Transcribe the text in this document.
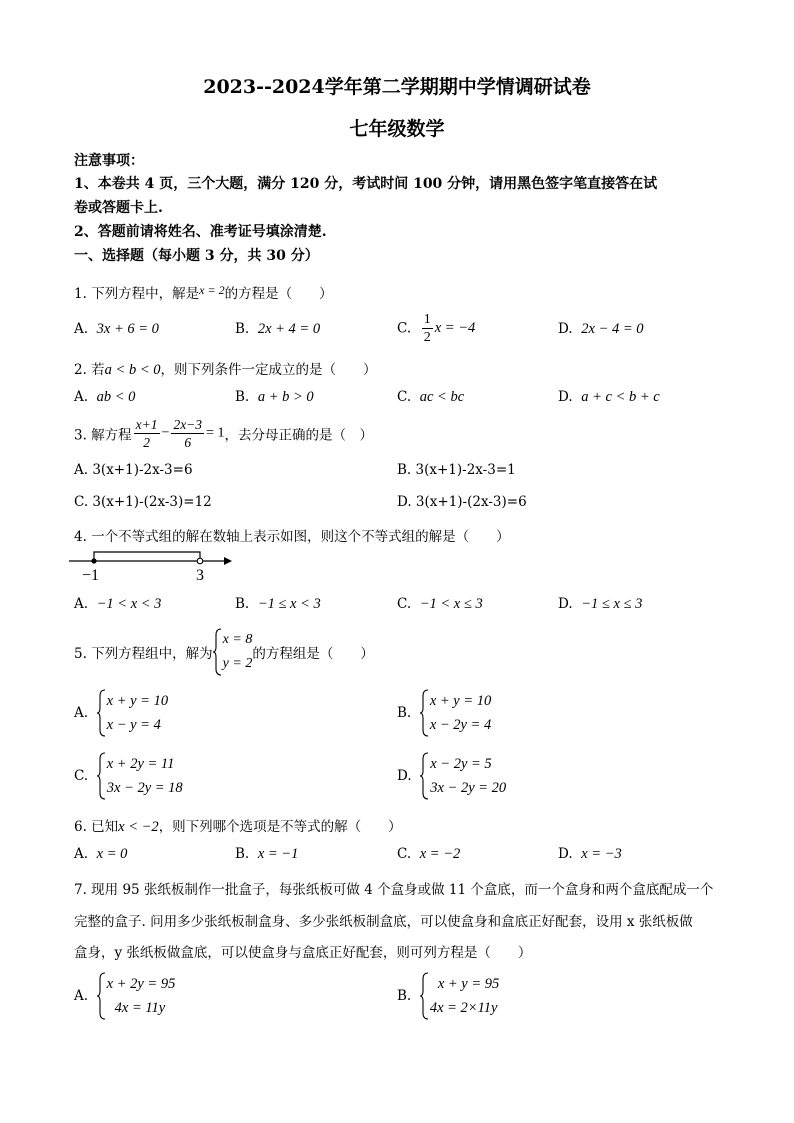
2023--2024学年第二学期期中学情调研试卷
七年级数学
注意事项：
1、本卷共 4 页，三个大题，满分 120 分，考试时间 100 分钟，请用黑色签字笔直接答在试
卷或答题卡上.
2、答题前请将姓名、准考证号填涂清楚.
一、选择题（每小题 3 分，共 30 分）
1. 下列方程中，解是x = 2的方程是（　　）
A. 3x + 6 = 0	B. 2x + 4 = 0	C. $\frac{1}{2}$ x = −4	D. 2x − 4 = 0
2. 若a < b < 0，则下列条件一定成立的是（　　）
A. ab < 0	B. a + b > 0	C. ac < bc	D. a + c < b + c
3. 解方程 $\frac{x+1}{2} - \frac{2x-3}{6} = 1$，去分母正确的是（　）
A. 3(x+1)-2x-3=6	B. 3(x+1)-2x-3=1
C. 3(x+1)-(2x-3)=12	D. 3(x+1)-(2x-3)=6
4. 一个不等式组的解在数轴上表示如图，则这个不等式组的解是（　　）
−1	3
A. −1 < x < 3	B. −1 ≤ x < 3	C. −1 < x ≤ 3	D. −1 ≤ x ≤ 3
5. 下列方程组中，解为
x = 8
y = 2
的方程组是（　　）
A.
x + y = 10
x − y = 4
B.
x + y = 10
x − 2y = 4
C.
x + 2y = 11
3x − 2y = 18
D.
x − 2y = 5
3x − 2y = 20
6. 已知x < −2，则下列哪个选项是不等式的解（　　）
A. x = 0	B. x = −1	C. x = −2	D. x = −3
7. 现用 95 张纸板制作一批盒子，每张纸板可做 4 个盒身或做 11 个盒底，而一个盒身和两个盒底配成一个
完整的盒子. 问用多少张纸板制盒身、多少张纸板制盒底，可以使盒身和盒底正好配套，设用 x 张纸板做
盒身，y 张纸板做盒底，可以使盒身与盒底正好配套，则可列方程是（　　）
A.
x + 2y = 95
4x = 11y
B.
x + y = 95
4x = 2×11y
